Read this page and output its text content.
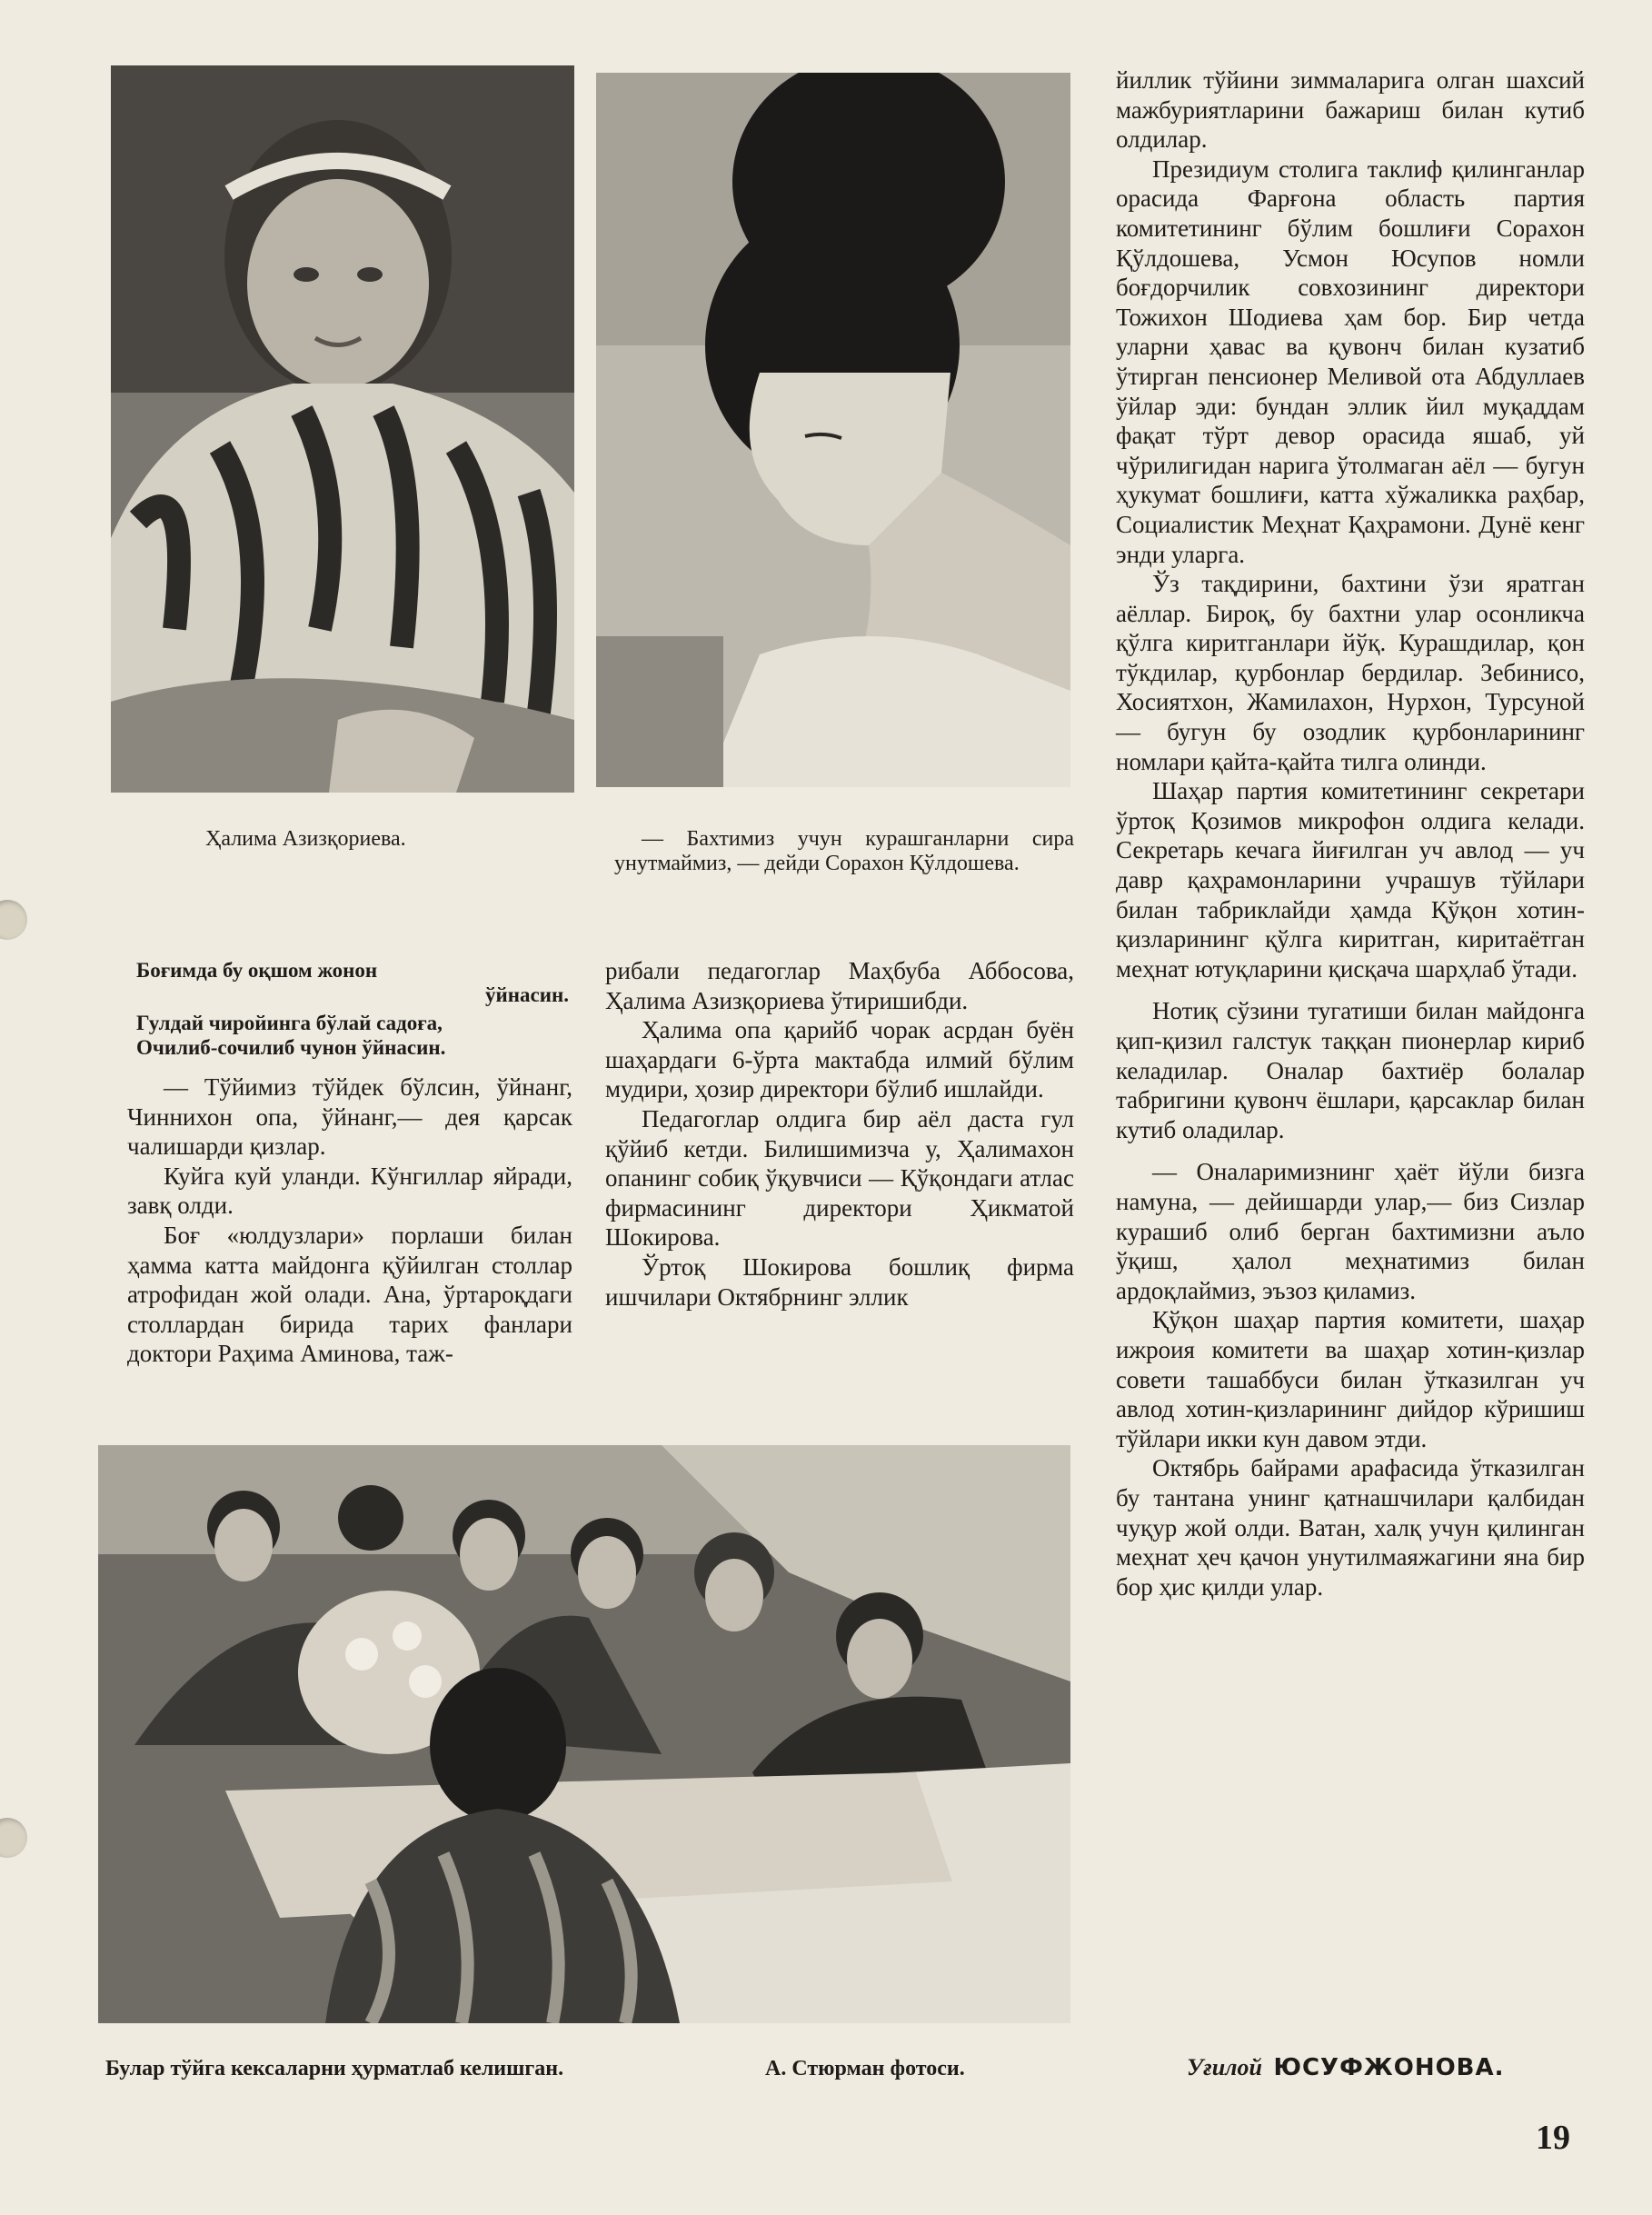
Ҳалима Азизқориева.	— Бахтимиз учун курашганларни сира унутмаймиз, — дейди Сорахон Қўлдошева.
Боғимда бу оқшом жонон
ўйнасин.
Гулдай чиройинга бўлай садоға,
Очилиб-сочилиб чунон ўйнасин.

— Тўйимиз тўйдек бўлсин, ўйнанг, Чиннихон опа, ўйнанг,— дея қарсак чалишарди қизлар.

Куйга куй уланди. Кўнгиллар яйради, завқ олди.

Боғ «юлдузлари» порлаши билан ҳамма катта майдонга қўйилган столлар атрофидан жой олади. Ана, ўртароқдаги столлардан бирида тарих фанлари доктори Раҳима Аминова, таж-

рибали педагоглар Маҳбуба Аббосова, Ҳалима Азизқориева ўтиришибди.

Ҳалима опа қарийб чорак асрдан буён шаҳардаги 6-ўрта мактабда илмий бўлим мудири, ҳозир директори бўлиб ишлайди.

Педагоглар олдига бир аёл даста гул қўйиб кетди. Билишимизча у, Ҳалимахон опанинг собиқ ўқувчиси — Қўқондаги атлас фирмасининг директори Ҳикматой Шокирова.

Ўртоқ Шокирова бошлиқ фирма ишчилари Октябрнинг эллик

йиллик тўйини зиммаларига олган шахсий мажбуриятларини бажариш билан кутиб олдилар.

Президиум столига таклиф қилинганлар орасида Фарғона область партия комитетининг бўлим бошлиғи Сорахон Қўлдошева, Усмон Юсупов номли боғдорчилик совхозининг директори Тожихон Шодиева ҳам бор. Бир четда уларни ҳавас ва қувонч билан кузатиб ўтирган пенсионер Меливой ота Абдуллаев ўйлар эди: бундан эллик йил муқаддам фақат тўрт девор орасида яшаб, уй чўрилигидан нарига ўтолмаган аёл — бугун ҳукумат бошлиғи, катта хўжаликка раҳбар, Социалистик Меҳнат Қаҳрамони. Дунё кенг энди уларга.

Ўз тақдирини, бахтини ўзи яратган аёллар. Бироқ, бу бахтни улар осонликча қўлга киритганлари йўқ. Курашдилар, қон тўкдилар, қурбонлар бердилар. Зебинисо, Хосиятхон, Жамилахон, Нурхон, Турсуной — бугун бу озодлик қурбонларининг номлари қайта-қайта тилга олинди.

Шаҳар партия комитетининг секретари ўртоқ Қозимов микрофон олдига келади. Секретарь кечага йиғилган уч авлод — уч давр қаҳрамонларини учрашув тўйлари билан табриклайди ҳамда Қўқон хотин-қизларининг қўлга киритган, киритаётган меҳнат ютуқларини қисқача шарҳлаб ўтади.

Нотиқ сўзини тугатиши билан майдонга қип-қизил галстук таққан пионерлар кириб келадилар. Оналар бахтиёр болалар табригини қувонч ёшлари, қарсаклар билан кутиб оладилар.

— Оналаримизнинг ҳаёт йўли бизга намуна, — дейишарди улар,— биз Сизлар курашиб олиб берган бахтимизни аъло ўқиш, ҳалол меҳнатимиз билан ардоқлаймиз, эъзоз қиламиз.

Қўқон шаҳар партия комитети, шаҳар ижроия комитети ва шаҳар хотин-қизлар совети ташаббуси билан ўтказилган уч авлод хотин-қизларининг дийдор кўришиш тўйлари икки кун давом этди.

Октябрь байрами арафасида ўтказилган бу тантана унинг қатнашчилари қалбидан чуқур жой олди. Ватан, халқ учун қилинган меҳнат ҳеч қачон унутилмаяжагини яна бир бор ҳис қилди улар.

Булар тўйга кексаларни ҳурматлаб келишган.	А. Стюрман фотоси.	Уғилой ЮСУФЖОНОВА.
19
